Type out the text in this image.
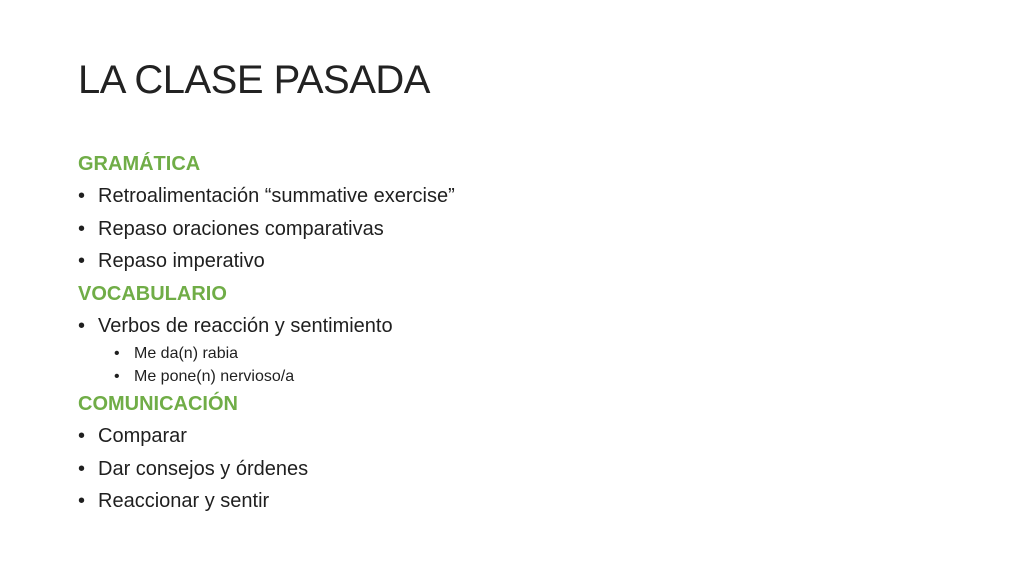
LA CLASE PASADA
GRAMÁTICA
• Retroalimentación “summative exercise”
• Repaso oraciones comparativas
• Repaso imperativo
VOCABULARIO
• Verbos de reacción y sentimiento
• Me da(n) rabia
• Me pone(n) nervioso/a
COMUNICACIÓN
• Comparar
• Dar consejos y órdenes
• Reaccionar y sentir
